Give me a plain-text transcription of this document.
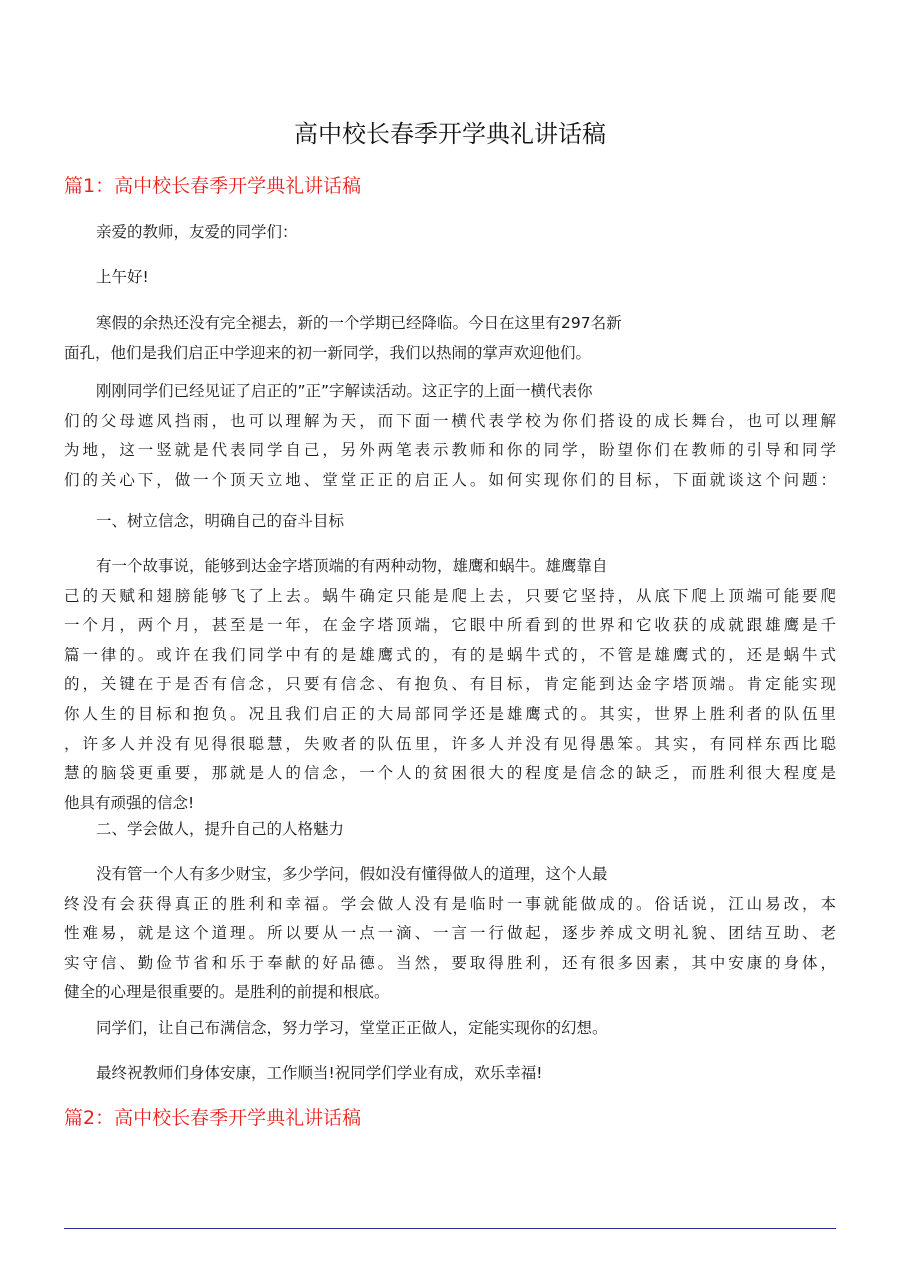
高中校长春季开学典礼讲话稿
篇1：高中校长春季开学典礼讲话稿
亲爱的教师，友爱的同学们：
上午好!
寒假的余热还没有完全褪去，新的一个学期已经降临。今日在这里有297名新
面孔，他们是我们启正中学迎来的初一新同学，我们以热闹的掌声欢迎他们。
刚刚同学们已经见证了启正的”正”字解读活动。这正字的上面一横代表你
们的父母遮风挡雨，也可以理解为天，而下面一横代表学校为你们搭设的成长舞台，也可以理解
为地，这一竖就是代表同学自己，另外两笔表示教师和你的同学，盼望你们在教师的引导和同学
们的关心下，做一个顶天立地、堂堂正正的启正人。如何实现你们的目标，下面就谈这个问题：
一、树立信念，明确自己的奋斗目标
有一个故事说，能够到达金字塔顶端的有两种动物，雄鹰和蜗牛。雄鹰靠自
己的天赋和翅膀能够飞了上去。蜗牛确定只能是爬上去，只要它坚持，从底下爬上顶端可能要爬
一个月，两个月，甚至是一年，在金字塔顶端，它眼中所看到的世界和它收获的成就跟雄鹰是千
篇一律的。或许在我们同学中有的是雄鹰式的，有的是蜗牛式的，不管是雄鹰式的，还是蜗牛式
的，关键在于是否有信念，只要有信念、有抱负、有目标，肯定能到达金字塔顶端。肯定能实现
你人生的目标和抱负。况且我们启正的大局部同学还是雄鹰式的。其实，世界上胜利者的队伍里
，许多人并没有见得很聪慧，失败者的队伍里，许多人并没有见得愚笨。其实，有同样东西比聪
慧的脑袋更重要，那就是人的信念，一个人的贫困很大的程度是信念的缺乏，而胜利很大程度是
他具有顽强的信念!
二、学会做人，提升自己的人格魅力
没有管一个人有多少财宝，多少学问，假如没有懂得做人的道理，这个人最
终没有会获得真正的胜利和幸福。学会做人没有是临时一事就能做成的。俗话说，江山易改，本
性难易，就是这个道理。所以要从一点一滴、一言一行做起，逐步养成文明礼貌、团结互助、老
实守信、勤俭节省和乐于奉献的好品德。当然，要取得胜利，还有很多因素，其中安康的身体，
健全的心理是很重要的。是胜利的前提和根底。
同学们，让自己布满信念，努力学习，堂堂正正做人，定能实现你的幻想。
最终祝教师们身体安康，工作顺当!祝同学们学业有成，欢乐幸福!
篇2：高中校长春季开学典礼讲话稿
